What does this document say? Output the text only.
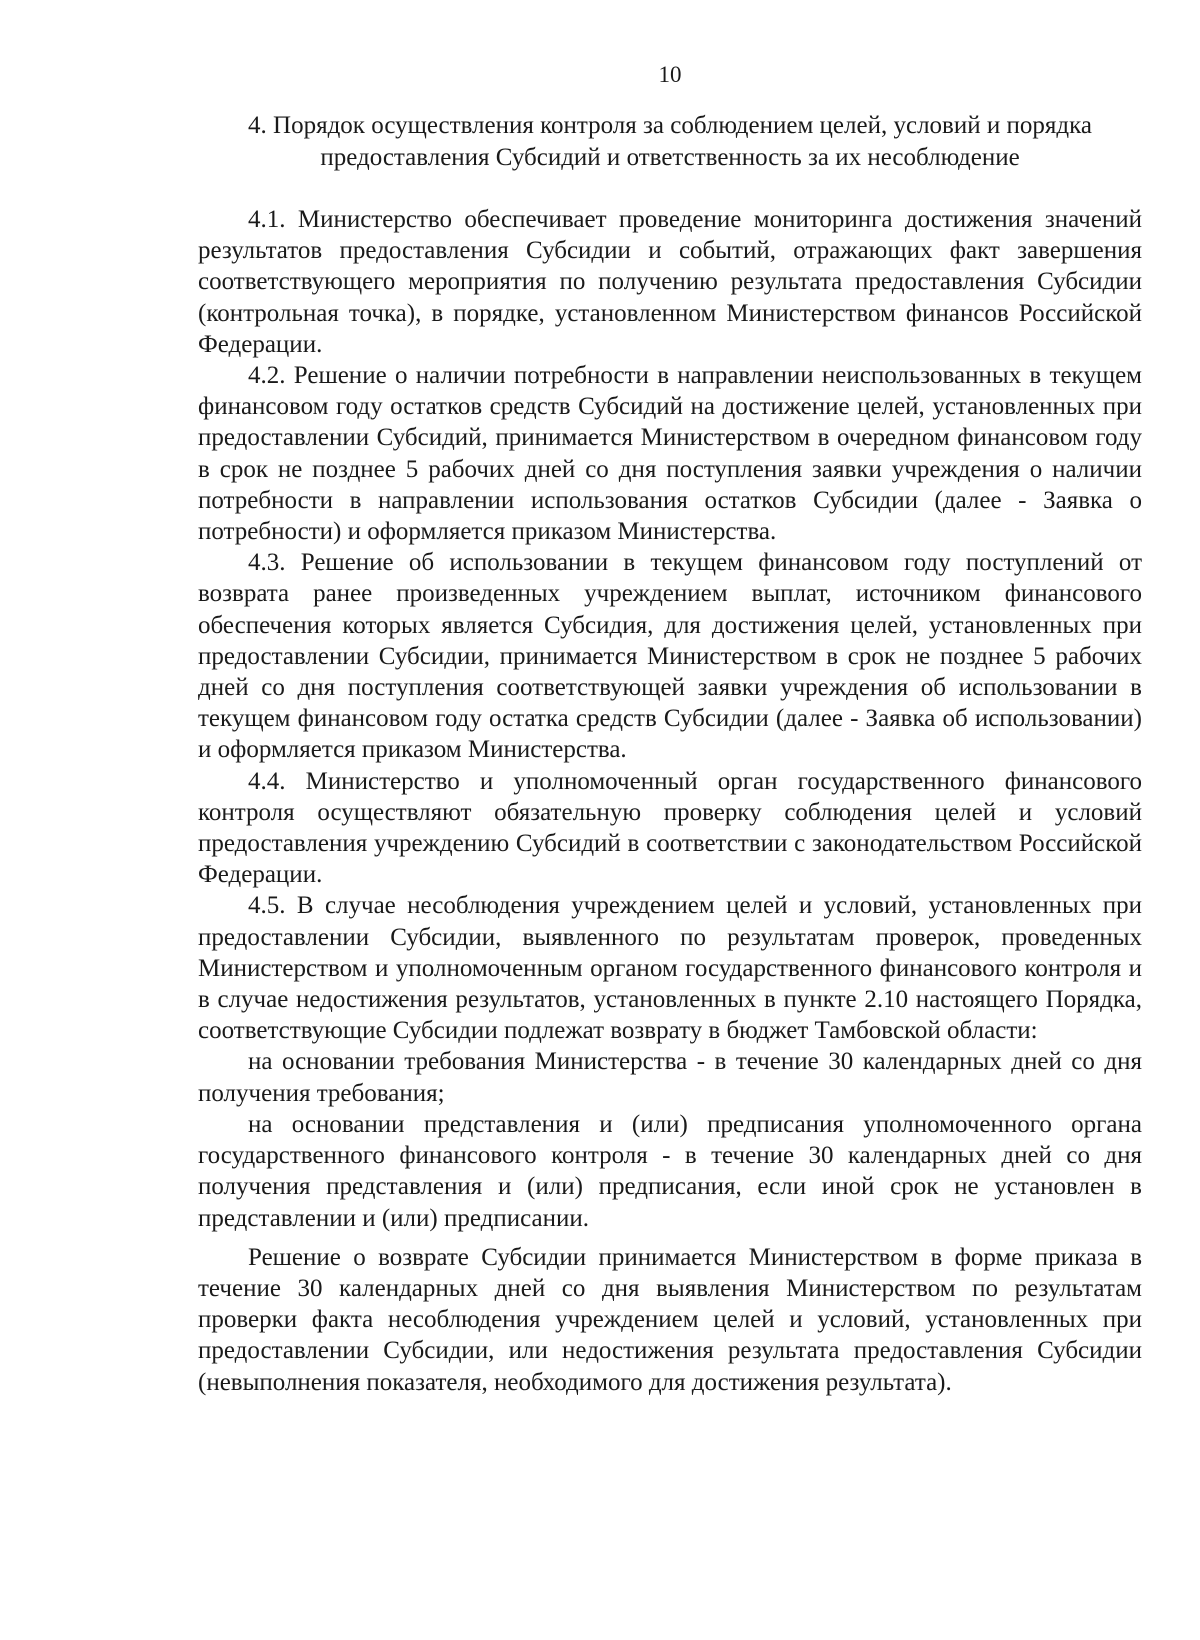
10
4. Порядок осуществления контроля за соблюдением целей, условий и порядка предоставления Субсидий и ответственность за их несоблюдение

4.1. Министерство обеспечивает проведение мониторинга достижения значений результатов предоставления Субсидии и событий, отражающих факт завершения соответствующего мероприятия по получению результата предоставления Субсидии (контрольная точка), в порядке, установленном Министерством финансов Российской Федерации.

4.2. Решение о наличии потребности в направлении неиспользованных в текущем финансовом году остатков средств Субсидий на достижение целей, установленных при предоставлении Субсидий, принимается Министерством в очередном финансовом году в срок не позднее 5 рабочих дней со дня поступления заявки учреждения о наличии потребности в направлении использования остатков Субсидии (далее - Заявка о потребности) и оформляется приказом Министерства.

4.3. Решение об использовании в текущем финансовом году поступлений от возврата ранее произведенных учреждением выплат, источником финансового обеспечения которых является Субсидия, для достижения целей, установленных при предоставлении Субсидии, принимается Министерством в срок не позднее 5 рабочих дней со дня поступления соответствующей заявки учреждения об использовании в текущем финансовом году остатка средств Субсидии (далее - Заявка об использовании) и оформляется приказом Министерства.

4.4. Министерство и уполномоченный орган государственного финансового контроля осуществляют обязательную проверку соблюдения целей и условий предоставления учреждению Субсидий в соответствии с законодательством Российской Федерации.

4.5. В случае несоблюдения учреждением целей и условий, установленных при предоставлении Субсидии, выявленного по результатам проверок, проведенных Министерством и уполномоченным органом государственного финансового контроля и в случае недостижения результатов, установленных в пункте 2.10 настоящего Порядка, соответствующие Субсидии подлежат возврату в бюджет Тамбовской области:

на основании требования Министерства - в течение 30 календарных дней со дня получения требования;

на основании представления и (или) предписания уполномоченного органа государственного финансового контроля - в течение 30 календарных дней со дня получения представления и (или) предписания, если иной срок не установлен в представлении и (или) предписании.

Решение о возврате Субсидии принимается Министерством в форме приказа в течение 30 календарных дней со дня выявления Министерством по результатам проверки факта несоблюдения учреждением целей и условий, установленных при предоставлении Субсидии, или недостижения результата предоставления Субсидии (невыполнения показателя, необходимого для достижения результата).
